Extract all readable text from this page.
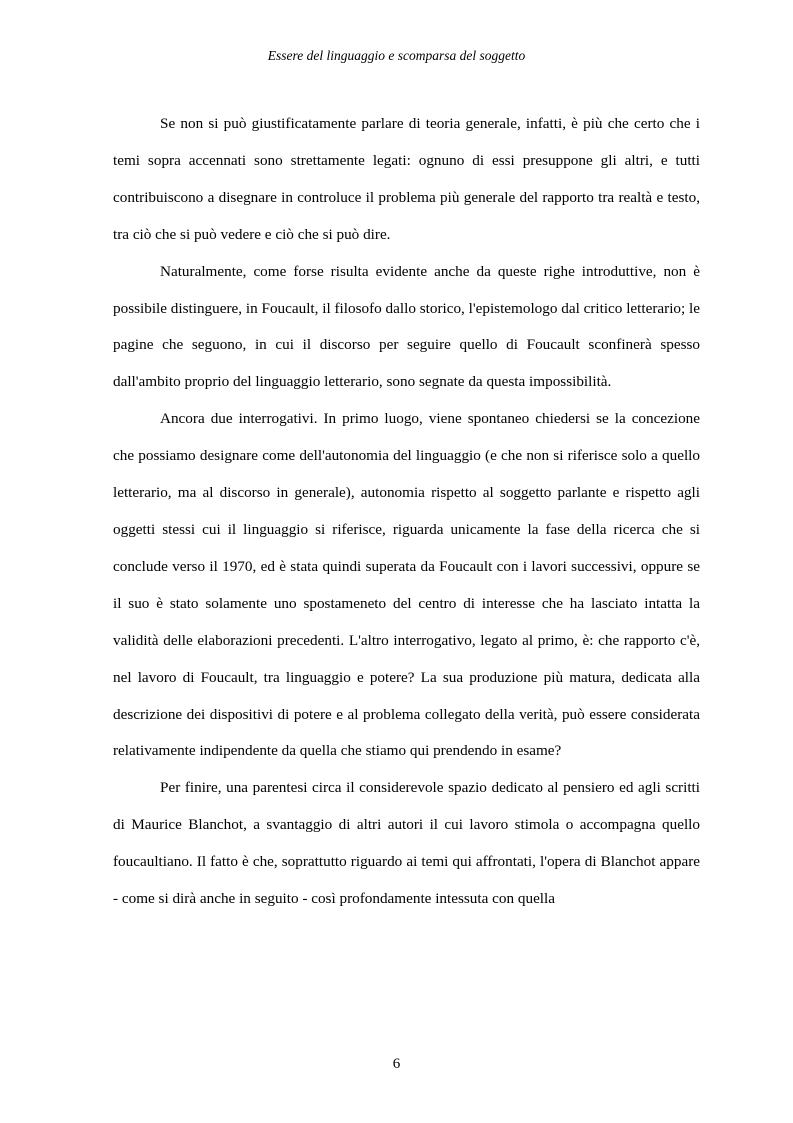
Essere del linguaggio e scomparsa del soggetto

Se non si può giustificatamente parlare di teoria generale, infatti, è più che certo che i temi sopra accennati sono strettamente legati: ognuno di essi presuppone gli altri, e tutti contribuiscono a disegnare in controluce il problema più generale del rapporto tra realtà e testo, tra ciò che si può vedere e ciò che si può dire.

Naturalmente, come forse risulta evidente anche da queste righe introduttive, non è possibile distinguere, in Foucault, il filosofo dallo storico, l'epistemologo dal critico letterario; le pagine che seguono, in cui il discorso per seguire quello di Foucault sconfinerà spesso dall'ambito proprio del linguaggio letterario, sono segnate da questa impossibilità.

Ancora due interrogativi. In primo luogo, viene spontaneo chiedersi se la concezione che possiamo designare come dell'autonomia del linguaggio (e che non si riferisce solo a quello letterario, ma al discorso in generale), autonomia rispetto al soggetto parlante e rispetto agli oggetti stessi cui il linguaggio si riferisce, riguarda unicamente la fase della ricerca che si conclude verso il 1970, ed è stata quindi superata da Foucault con i lavori successivi, oppure se il suo è stato solamente uno spostameneto del centro di interesse che ha lasciato intatta la validità delle elaborazioni precedenti. L'altro interrogativo, legato al primo, è: che rapporto c'è, nel lavoro di Foucault, tra linguaggio e potere? La sua produzione più matura, dedicata alla descrizione dei dispositivi di potere e al problema collegato della verità, può essere considerata relativamente indipendente da quella che stiamo qui prendendo in esame?

Per finire, una parentesi circa il considerevole spazio dedicato al pensiero ed agli scritti di Maurice Blanchot, a svantaggio di altri autori il cui lavoro stimola o accompagna quello foucaultiano. Il fatto è che, soprattutto riguardo ai temi qui affrontati, l'opera di Blanchot appare - come si dirà anche in seguito - così profondamente intessuta con quella

6
